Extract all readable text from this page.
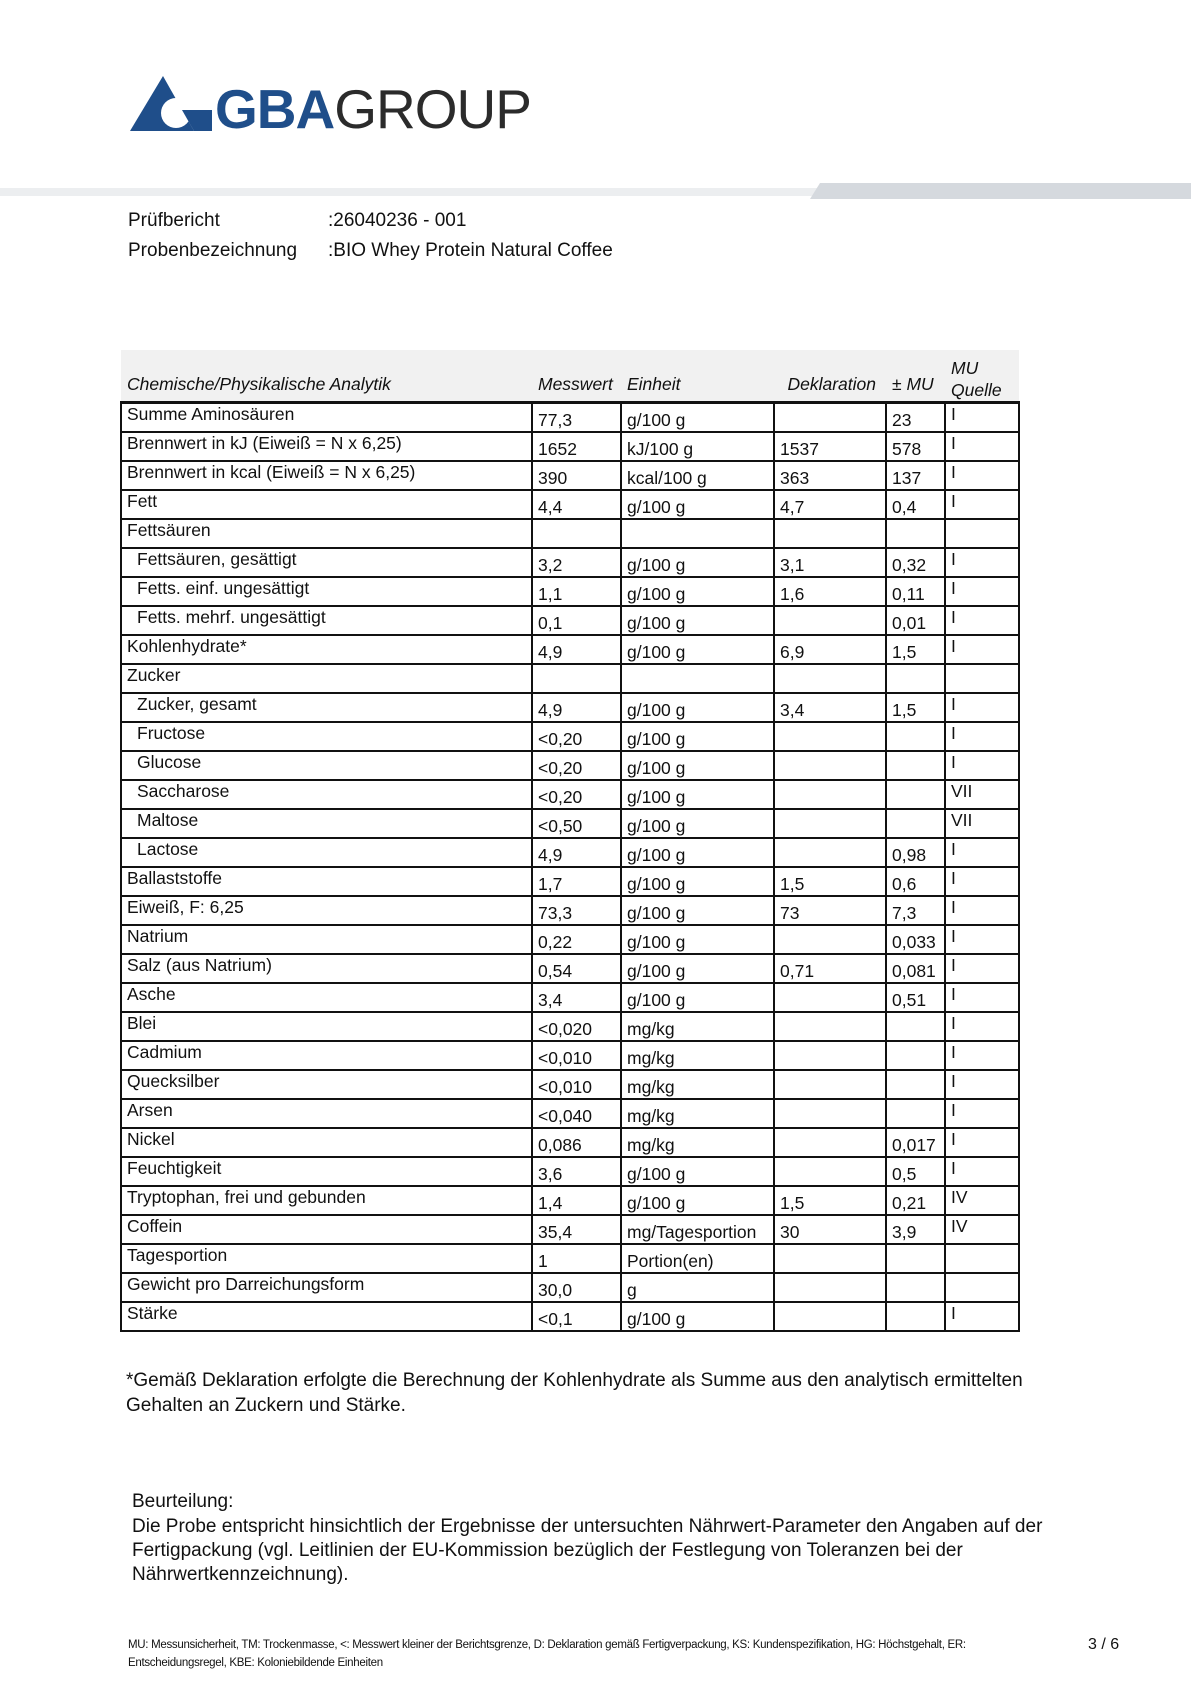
GBAGROUP
Prüfbericht	:26040236 - 001
Probenbezeichnung :BIO Whey Protein Natural Coffee
Chemische/Physikalische Analytik	Messwert	Einheit	Deklaration	± MU	MU
Quelle
Summe Aminosäuren	77,3	g/100 g		23	I
Brennwert in kJ (Eiweiß = N x 6,25)	1652	kJ/100 g	1537	578	I
Brennwert in kcal (Eiweiß = N x 6,25)	390	kcal/100 g	363	137	I
Fett	4,4	g/100 g	4,7	0,4	I
Fettsäuren					
Fettsäuren, gesättigt	3,2	g/100 g	3,1	0,32	I
Fetts. einf. ungesättigt	1,1	g/100 g	1,6	0,11	I
Fetts. mehrf. ungesättigt	0,1	g/100 g		0,01	I
Kohlenhydrate*	4,9	g/100 g	6,9	1,5	I
Zucker					
Zucker, gesamt	4,9	g/100 g	3,4	1,5	I
Fructose	<0,20	g/100 g			I
Glucose	<0,20	g/100 g			I
Saccharose	<0,20	g/100 g			VII
Maltose	<0,50	g/100 g			VII
Lactose	4,9	g/100 g		0,98	I
Ballaststoffe	1,7	g/100 g	1,5	0,6	I
Eiweiß, F: 6,25	73,3	g/100 g	73	7,3	I
Natrium	0,22	g/100 g		0,033	I
Salz (aus Natrium)	0,54	g/100 g	0,71	0,081	I
Asche	3,4	g/100 g		0,51	I
Blei	<0,020	mg/kg			I
Cadmium	<0,010	mg/kg			I
Quecksilber	<0,010	mg/kg			I
Arsen	<0,040	mg/kg			I
Nickel	0,086	mg/kg		0,017	I
Feuchtigkeit	3,6	g/100 g		0,5	I
Tryptophan, frei und gebunden	1,4	g/100 g	1,5	0,21	IV
Coffein	35,4	mg/Tagesportion	30	3,9	IV
Tagesportion	1	Portion(en)			
Gewicht pro Darreichungsform	30,0	g			
Stärke	<0,1	g/100 g			I
*Gemäß Deklaration erfolgte die Berechnung der Kohlenhydrate als Summe aus den analytisch ermittelten Gehalten an Zuckern und Stärke.
Beurteilung:
Die Probe entspricht hinsichtlich der Ergebnisse der untersuchten Nährwert-Parameter den Angaben auf der Fertigpackung (vgl. Leitlinien der EU-Kommission bezüglich der Festlegung von Toleranzen bei der Nährwertkennzeichnung).
MU: Messunsicherheit, TM: Trockenmasse, <: Messwert kleiner der Berichtsgrenze, D: Deklaration gemäß Fertigverpackung, KS: Kundenspezifikation, HG: Höchstgehalt, ER: Entscheidungsregel, KBE: Koloniebildende Einheiten
3 / 6
